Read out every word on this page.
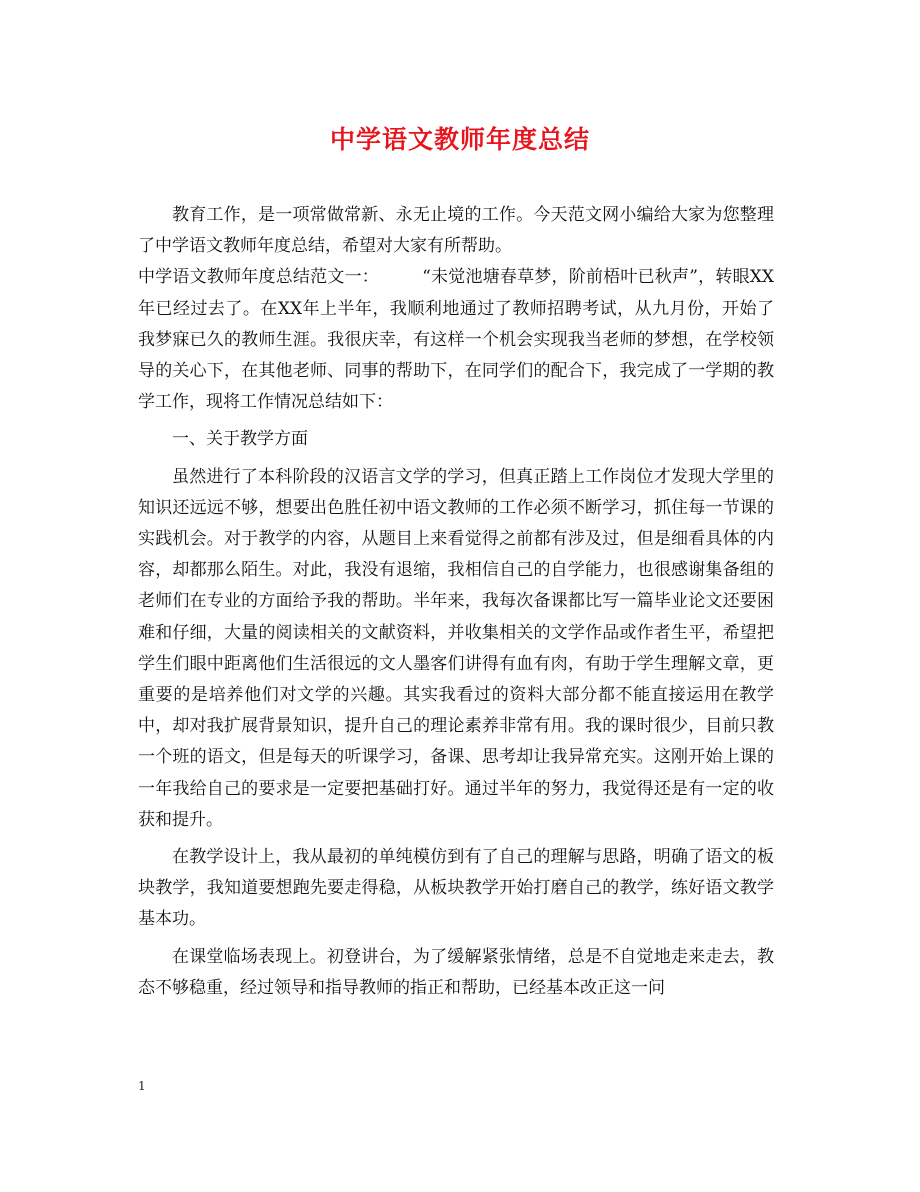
中学语文教师年度总结

教育工作，是一项常做常新、永无止境的工作。今天范文网小编给大家为您整理了中学语文教师年度总结，希望对大家有所帮助。

中学语文教师年度总结范文一：　　　“未觉池塘春草梦，阶前梧叶已秋声”，转眼XX年已经过去了。在XX年上半年，我顺利地通过了教师招聘考试，从九月份，开始了我梦寐已久的教师生涯。我很庆幸，有这样一个机会实现我当老师的梦想，在学校领导的关心下，在其他老师、同事的帮助下，在同学们的配合下，我完成了一学期的教学工作，现将工作情况总结如下：

一、关于教学方面

虽然进行了本科阶段的汉语言文学的学习，但真正踏上工作岗位才发现大学里的知识还远远不够，想要出色胜任初中语文教师的工作必须不断学习，抓住每一节课的实践机会。对于教学的内容，从题目上来看觉得之前都有涉及过，但是细看具体的内容，却都那么陌生。对此，我没有退缩，我相信自己的自学能力，也很感谢集备组的老师们在专业的方面给予我的帮助。半年来，我每次备课都比写一篇毕业论文还要困难和仔细，大量的阅读相关的文献资料，并收集相关的文学作品或作者生平，希望把学生们眼中距离他们生活很远的文人墨客们讲得有血有肉，有助于学生理解文章，更重要的是培养他们对文学的兴趣。其实我看过的资料大部分都不能直接运用在教学中，却对我扩展背景知识，提升自己的理论素养非常有用。我的课时很少，目前只教一个班的语文，但是每天的听课学习，备课、思考却让我异常充实。这刚开始上课的一年我给自己的要求是一定要把基础打好。通过半年的努力，我觉得还是有一定的收获和提升。

在教学设计上，我从最初的单纯模仿到有了自己的理解与思路，明确了语文的板块教学，我知道要想跑先要走得稳，从板块教学开始打磨自己的教学，练好语文教学基本功。

在课堂临场表现上。初登讲台，为了缓解紧张情绪，总是不自觉地走来走去，教态不够稳重，经过领导和指导教师的指正和帮助，已经基本改正这一问

1
